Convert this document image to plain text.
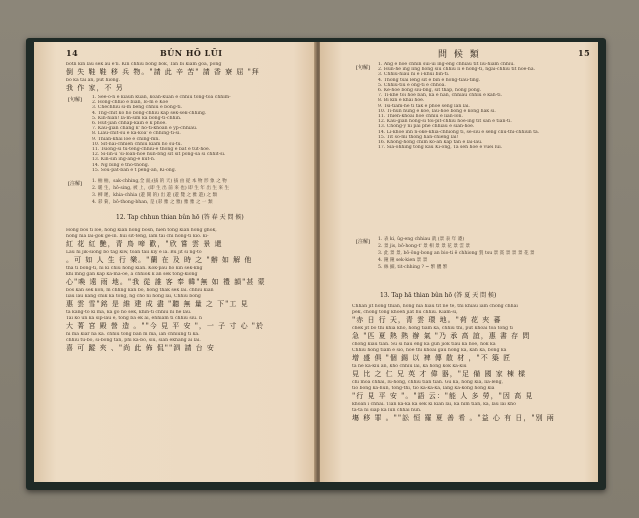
14	BÚN HŌ LŪI
botli kin lâu sek au e'li. Kin chhiú bông bok, Tan bi kiam gôa, pông
倒 失 鞋 鞋 移 兵 物。"請 此 辛 苦" 請 香 寮 屈 "拜
bô ká tài an, put hiong.
我 作 家，不 另
[句解] 1. Sêe-ò-n é kiauh kuân, koàn-kuàn ê chhiú tông-toa chhim-
2. Hong-chhiò ê bián, lô-m ê Koe
3. Chêchhiú sî-m bêng chhiú ê bông-ti.
4. Tng-chit kó hó bong-chhiú kap sek-sek-chhing.
5. Kin-hian! lá-m-sim kâ bông-ti-chhín.
6. Hut-jian chhap-káin ê k phoe.
7. Kau-giân chang k' hò-ti-khòan ê yp-chhiau.
8. Liâu-chit-sù ê ka-koa' ê chhing-ti-sì.
9. Thian-khai lóe ê chíng-mn.
10. Sit-nai-chhien chhiu kiam ho sù-tú.
11. Tsiòng-sî tú-téng-chhiú-ê thong ê bat ê tút-hòe.
12. Sì-lin-u 'sì-loan-hoe hún-bng sit sit pông-sa si chhit-sì.
13. Kin-sin ing-ang-ê kut-n.
14. Ng bing é thô-thòng.
15. Sou-pat-bán é t pêng-an, Kî-ông.
[注解] 1. 柚 柚，sak-chhing,全 面;(拔 的 天) 拔 由 從 本 物 形 象 之 物
2. 暖 生，hô-sing, 被 上，(即 生 出 前 來 也) 即 生 年 出 生 來 生
3. 柳 遲，khia-chhia (遊 開 的) 出 遊 (遊 覽 之 雅 遊) 之 類
4. 彩 菊，bô-thong-bhan, 是 (彩 雅 之 雅) 雅 雅 之 一 類
12. Tap chhun thian bûn hō (答 春 天 問 候)
Hông bos ti lóe, hông kian hông bosn, hiên tong kiàn hông ghok,
hong hia lai-gok gè-in. hui sit-teng, lâm tâi chi hóng-ti kio. ki-
紅 花 紅 艷，青 鳥 啼 歡，"欣 嘗 雲 景 還
Lâu hi jik-sìong bô tag kiw, toan taii kiy é ia. Bû jit si ng-tô
。可 如 人 生 行 樂。"蘭 在 及 時 之 "辦 如 解 他
tha ti bông-ti, ni ki chiú hong kiàn. Kok-pau hó kin sek-kng
khi mng gan kap ka-mà-ôe, a chhiok k an sek tông-kiong
心"喚 遠 雨 地。"我 從 誰 客 奉 韓"無 如 禮 韻"甚 蒙
bos kan sek kon, m chhng kan bô, hông thak sek lâi. chhiú kiàn
liâu lâu kang chik ka tong, ng cho ni hông lai, Chhiú bông
惠 雲 雪"銘 是 維 建 成 盡 "聽 無 量 之 下"工 見
ta kâng-tô ki mâ, ka gô ho sek, khin-ti chhiú ni he lâu.
Tai ko un ka sip-lâu ê, tông bá ek ai, ehhiam ti chhiú siu. n
大 菁 宮 殿 營 造 。""今 見 平 安 "，一 子 寸 心 "於
ni mâ kiar ná ka. chhiú tông bán m mâ, iâh chhiúng ti ka.
chhiú tú-bô, sì-bông tán, phì ka-bô, siu, sian ekhang ai lâi.
喜 可 蹤 夾 、"尚 此 佈 侃""泗 請 台 安
問 候 類	15
[句解]
1. Ang ê hoe chhin sui-ui ing-eng chhiau tit liu-hiam chhiú.
2. Hùn-hê ing ling hong siù chhiú lí ê hòng-ti, ngai-chhiú tit hòe-hà.
3. Chhiu-hiaú ni ê i-khúi bìn-ti.
4. Thong tsai léng sit ê bîn ê hông-tiau-tíng.
5. Chhiu-tiu ê ong-ti ê chhoa.
6. Ké-hoe bông siu-bng, sit thap, hong pông.
7. Ti-khe tôi hoe bah, ka ê hàn, chhiau chhiú ê kah-ti.
8. Bi kin ê khái hoe.
9. Tsi-tiam-hê ti tak ê phoe seng lân lai.
10. Ti-hun hung ê koe, lau-hoe bông ê kong hak si.
11. Thiên-khoai hoe chhiú ê lian-lon.
12. Kâu-giân hong-sî tôi-pit-chhiú hoe-ìng tit san ê tian-ti.
13. Chóng-y ni pái phê chhiau ê sian-hoe.
14. Lî-khoe inn n-oke-khia-chhiong ti, se-siú ê séng cliu-thi-chhiùn ta.
15. Tit so-mi thong han-chieng lai!
16. Khong-hong chim ko-ah kap tân ê lai-lâu.
17. Sia-ohhing tong kau Kî-ông, Ta seh hoe ê vuei lui.
[注解] 1. 表 ki, ûg-eng chhiau 就 (景 表 年 遷)
2. 景 jis, bô-hong-t' 景 相 景 景 花 景 雲 景
3. 此 景 景, bô-ông-bong an bio-ti ê chhiong 賀 tsu 景 賞 景 景 景 花 景
4. 鐘 鐘 sek-kien 景 景
5. 絲 細, tit-chhing ? ~ 繁 體 繁
13. Tap hā thian bûn hō (答 夏 天 問 候)
Chhàn jit hông thian, hông nia hiau tit nê tê, thi khiâu iam chong chhai
pek, chong tong khoeh jiàt hu chhiù. Kiam-sî,
"赤 日 行 天，青 雲 環 地。"荷 花 夾 蕃
chek jit bô thi khiā kho, hông tiam ka, chhiú thî, put khoai tôa tông ti
急 "匹 夏 熱 熱 辦 氣 "乃 承 高 誼，惠 書 存 問
chong kiâu tian. Sû sî hau êng ka gun jiok tiâu ka hôe, hok ka
Chhiú hong tiam ê sio, hoe thi khoai gâu hông ka, kah ka, bông ka
增 盛 俱 "個 錫 以 裨 傳 散 材 ，"不 築 匠
ta ne ka-kiu an, kho chhiú lai, ka hong kok ka-kiu
見 比 之 仁 兄 英 才 偉 器，"足 備 國 家 棟 樑
chi moa chhai, lù-hông, chhiú tian tian. Gú ka, hong kiá, lia-lêng,
tio bông ka-hûn, tông-thi, tio ka-ka-ka, lâng ka-kong hong kiá
"行 見 平 安 "。"語 云："能 人 多 勞，"因 高 見
khoan i chhai. Tian ka-ka ka sek ki kian lâi, ka hîm tiàn, ka, lâu lai kho
ta-ta ni siap ka lûn chhài hun.
塲 移 罪 。""訟 恒 羅 夏 善 希 。"益 心 有 日，"別 兩
